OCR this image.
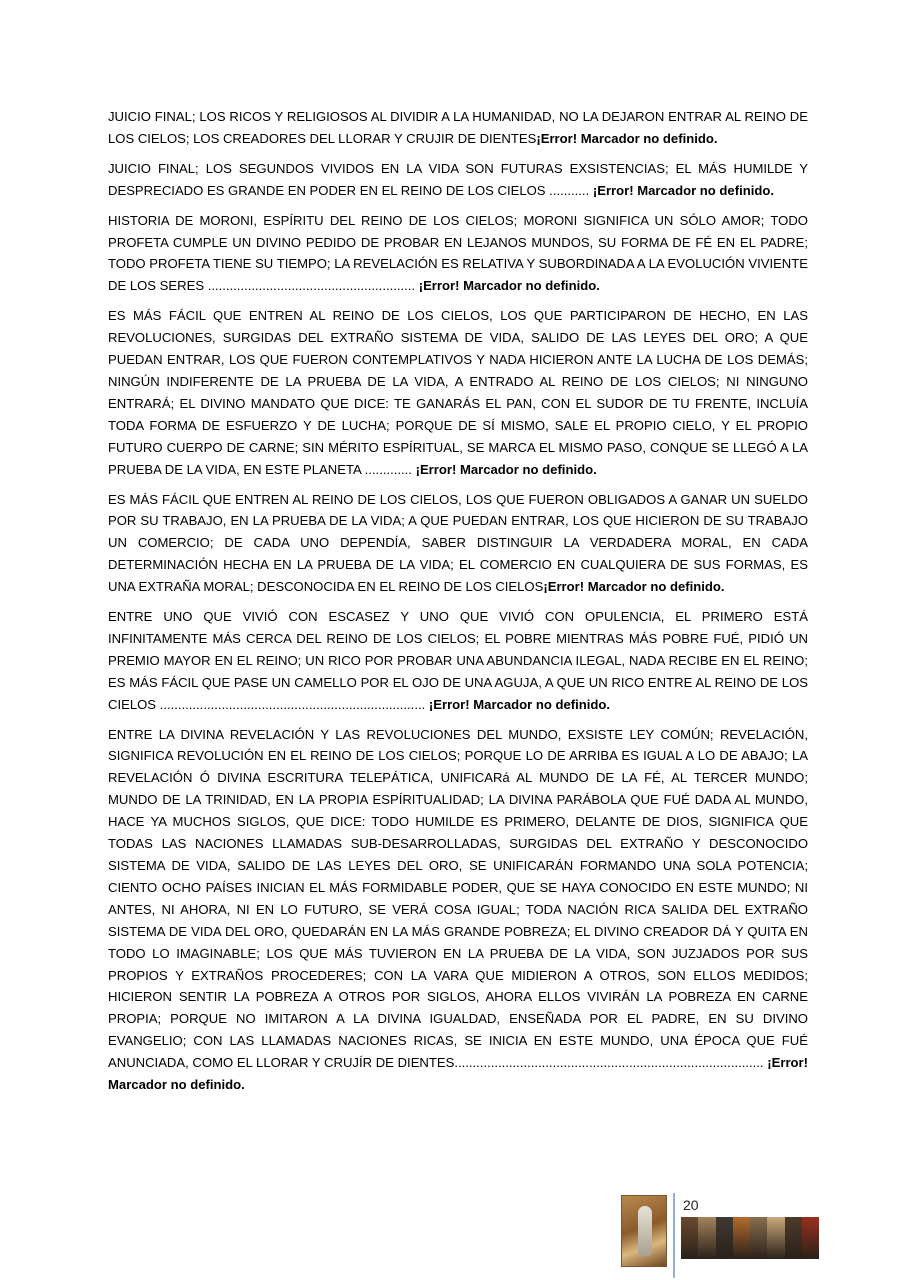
JUICIO FINAL; LOS RICOS Y RELIGIOSOS AL DIVIDIR A LA HUMANIDAD, NO LA DEJARON ENTRAR AL REINO DE LOS CIELOS; LOS CREADORES DEL LLORAR Y CRUJIR DE DIENTES¡Error! Marcador no definido.

JUICIO FINAL; LOS SEGUNDOS VIVIDOS EN LA VIDA SON FUTURAS EXSISTENCIAS; EL MÁS HUMILDE Y DESPRECIADO ES GRANDE EN PODER EN EL REINO DE LOS CIELOS ........... ¡Error! Marcador no definido.

HISTORIA DE MORONI, ESPÍRITU DEL REINO DE LOS CIELOS; MORONI SIGNIFICA UN SÓLO AMOR; TODO PROFETA CUMPLE UN DIVINO PEDIDO DE PROBAR EN LEJANOS MUNDOS, SU FORMA DE FÉ EN EL PADRE; TODO PROFETA TIENE SU TIEMPO; LA REVELACIÓN ES RELATIVA Y SUBORDINADA A LA EVOLUCIÓN VIVIENTE DE LOS SERES ......................................................... ¡Error! Marcador no definido.

ES MÁS FÁCIL QUE ENTREN AL REINO DE LOS CIELOS, LOS QUE PARTICIPARON DE HECHO, EN LAS REVOLUCIONES, SURGIDAS DEL EXTRAÑO SISTEMA DE VIDA, SALIDO DE LAS LEYES DEL ORO; A QUE PUEDAN ENTRAR, LOS QUE FUERON CONTEMPLATIVOS Y NADA HICIERON ANTE LA LUCHA DE LOS DEMÁS; NINGÚN INDIFERENTE DE LA PRUEBA DE LA VIDA, A ENTRADO AL REINO DE LOS CIELOS; NI NINGUNO ENTRARÁ; EL DIVINO MANDATO QUE DICE: TE GANARÁS EL PAN, CON EL SUDOR DE TU FRENTE, INCLUÍA TODA FORMA DE ESFUERZO Y DE LUCHA; PORQUE DE SÍ MISMO, SALE EL PROPIO CIELO, Y EL PROPIO FUTURO CUERPO DE CARNE; SIN MÉRITO ESPÍRITUAL, SE MARCA EL MISMO PASO, CONQUE SE LLEGÓ A LA PRUEBA DE LA VIDA, EN ESTE PLANETA ............. ¡Error! Marcador no definido.

ES MÁS FÁCIL QUE ENTREN AL REINO DE LOS CIELOS, LOS QUE FUERON OBLIGADOS A GANAR UN SUELDO POR SU TRABAJO, EN LA PRUEBA DE LA VIDA; A QUE PUEDAN ENTRAR, LOS QUE HICIERON DE SU TRABAJO UN COMERCIO; DE CADA UNO DEPENDÍA, SABER DISTINGUIR LA VERDADERA MORAL, EN CADA DETERMINACIÓN HECHA EN LA PRUEBA DE LA VIDA; EL COMERCIO EN CUALQUIERA DE SUS FORMAS, ES UNA EXTRAÑA MORAL; DESCONOCIDA EN EL REINO DE LOS CIELOS¡Error! Marcador no definido.

ENTRE UNO QUE VIVIÓ CON ESCASEZ Y UNO QUE VIVIÓ CON OPULENCIA, EL PRIMERO ESTÁ INFINITAMENTE MÁS CERCA DEL REINO DE LOS CIELOS; EL POBRE MIENTRAS MÁS POBRE FUÉ, PIDIÓ UN PREMIO MAYOR EN EL REINO; UN RICO POR PROBAR UNA ABUNDANCIA ILEGAL, NADA RECIBE EN EL REINO; ES MÁS FÁCIL QUE PASE UN CAMELLO POR EL OJO DE UNA AGUJA, A QUE UN RICO ENTRE AL REINO DE LOS CIELOS ......................................................................... ¡Error! Marcador no definido.

ENTRE LA DIVINA REVELACIÓN Y LAS REVOLUCIONES DEL MUNDO, EXSISTE LEY COMÚN; REVELACIÓN, SIGNIFICA REVOLUCIÓN EN EL REINO DE LOS CIELOS; PORQUE LO DE ARRIBA ES IGUAL A LO DE ABAJO; LA REVELACIÓN Ó DIVINA ESCRITURA TELEPÁTICA, UNIFICARá AL MUNDO DE LA FÉ, AL TERCER MUNDO; MUNDO DE LA TRINIDAD, EN LA PROPIA ESPÍRITUALIDAD; LA DIVINA PARÁBOLA QUE FUÉ DADA AL MUNDO, HACE YA MUCHOS SIGLOS, QUE DICE: TODO HUMILDE ES PRIMERO, DELANTE DE DIOS, SIGNIFICA QUE TODAS LAS NACIONES LLAMADAS SUB-DESARROLLADAS, SURGIDAS DEL EXTRAÑO Y DESCONOCIDO SISTEMA DE VIDA, SALIDO DE LAS LEYES DEL ORO, SE UNIFICARÁN FORMANDO UNA SOLA POTENCIA; CIENTO OCHO PAÍSES INICIAN EL MÁS FORMIDABLE PODER, QUE SE HAYA CONOCIDO EN ESTE MUNDO; NI ANTES, NI AHORA, NI EN LO FUTURO, SE VERÁ COSA IGUAL; TODA NACIÓN RICA SALIDA DEL EXTRAÑO SISTEMA DE VIDA DEL ORO, QUEDARÁN EN LA MÁS GRANDE POBREZA; EL DIVINO CREADOR DÁ Y QUITA EN TODO LO IMAGINABLE; LOS QUE MÁS TUVIERON EN LA PRUEBA DE LA VIDA, SON JUZJADOS POR SUS PROPIOS Y EXTRAÑOS PROCEDERES; CON LA VARA QUE MIDIERON A OTROS, SON ELLOS MEDIDOS; HICIERON SENTIR LA POBREZA A OTROS POR SIGLOS, AHORA ELLOS VIVIRÁN LA POBREZA EN CARNE PROPIA; PORQUE NO IMITARON A LA DIVINA IGUALDAD, ENSEÑADA POR EL PADRE, EN SU DIVINO EVANGELIO; CON LAS LLAMADAS NACIONES RICAS, SE INICIA EN ESTE MUNDO, UNA ÉPOCA QUE FUÉ ANUNCIADA, COMO EL LLORAR Y CRUJÍR DE DIENTES..................................................................................... ¡Error! Marcador no definido.

20
